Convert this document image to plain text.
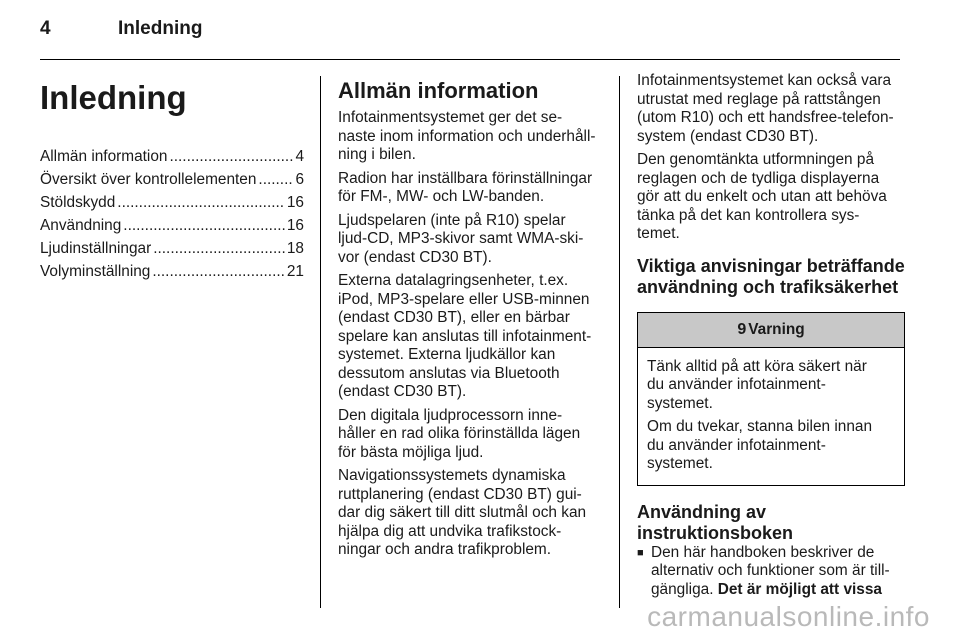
4	Inledning
Inledning
Allmän information .....	4
Översikt över kontrollelementen .....	6
Stöldskydd .....	16
Användning .....	16
Ljudinställningar .....	18
Volyminställning .....	21
Allmän information
Infotainmentsystemet ger det se-
naste inom information och underhåll-
ning i bilen.
Radion har inställbara förinställningar
för FM-, MW- och LW-banden.
Ljudspelaren (inte på R10) spelar
ljud-CD, MP3-skivor samt WMA-ski-
vor (endast CD30 BT).
Externa datalagringsenheter, t.ex.
iPod, MP3-spelare eller USB-minnen
(endast CD30 BT), eller en bärbar
spelare kan anslutas till infotainment-
systemet. Externa ljudkällor kan
dessutom anslutas via Bluetooth
(endast CD30 BT).
Den digitala ljudprocessorn inne-
håller en rad olika förinställda lägen
för bästa möjliga ljud.
Navigationssystemets dynamiska
ruttplanering (endast CD30 BT) gui-
dar dig säkert till ditt slutmål och kan
hjälpa dig att undvika trafikstock-
ningar och andra trafikproblem.
Infotainmentsystemet kan också vara
utrustat med reglage på rattstången
(utom R10) och ett handsfree-telefon-
system (endast CD30 BT).
Den genomtänkta utformningen på
reglagen och de tydliga displayerna
gör att du enkelt och utan att behöva
tänka på det kan kontrollera sys-
temet.
Viktiga anvisningar beträffande
användning och trafiksäkerhet
9 Varning
Tänk alltid på att köra säkert när
du använder infotainment-
systemet.
Om du tvekar, stanna bilen innan
du använder infotainment-
systemet.
Användning av
instruktionsboken
■ Den här handboken beskriver de
alternativ och funktioner som är till-
gängliga. Det är möjligt att vissa
carmanualsonline.info
